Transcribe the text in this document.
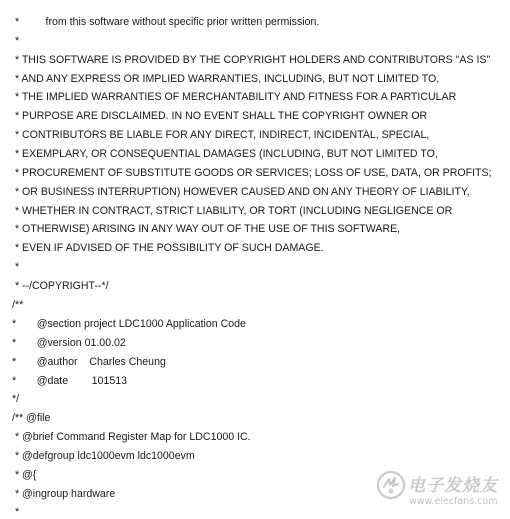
*         from this software without specific prior written permission.
*
* THIS SOFTWARE IS PROVIDED BY THE COPYRIGHT HOLDERS AND CONTRIBUTORS "AS IS"
* AND ANY EXPRESS OR IMPLIED WARRANTIES, INCLUDING, BUT NOT LIMITED TO,
* THE IMPLIED WARRANTIES OF MERCHANTABILITY AND FITNESS FOR A PARTICULAR
* PURPOSE ARE DISCLAIMED. IN NO EVENT SHALL THE COPYRIGHT OWNER OR
* CONTRIBUTORS BE LIABLE FOR ANY DIRECT, INDIRECT, INCIDENTAL, SPECIAL,
* EXEMPLARY, OR CONSEQUENTIAL DAMAGES (INCLUDING, BUT NOT LIMITED TO,
* PROCUREMENT OF SUBSTITUTE GOODS OR SERVICES; LOSS OF USE, DATA, OR PROFITS;
* OR BUSINESS INTERRUPTION) HOWEVER CAUSED AND ON ANY THEORY OF LIABILITY,
* WHETHER IN CONTRACT, STRICT LIABILITY, OR TORT (INCLUDING NEGLIGENCE OR
* OTHERWISE) ARISING IN ANY WAY OUT OF THE USE OF THIS SOFTWARE,
* EVEN IF ADVISED OF THE POSSIBILITY OF SUCH DAMAGE.
*
* --/COPYRIGHT--*/
/**
*       @section project LDC1000 Application Code
*       @version 01.00.02
*       @author    Charles Cheung
*       @date        101513
*/
/** @file
* @brief Command Register Map for LDC1000 IC.
* @defgroup ldc1000evm ldc1000evm
* @{
* @ingroup hardware
*
电子发烧友
www.elecfans.com
